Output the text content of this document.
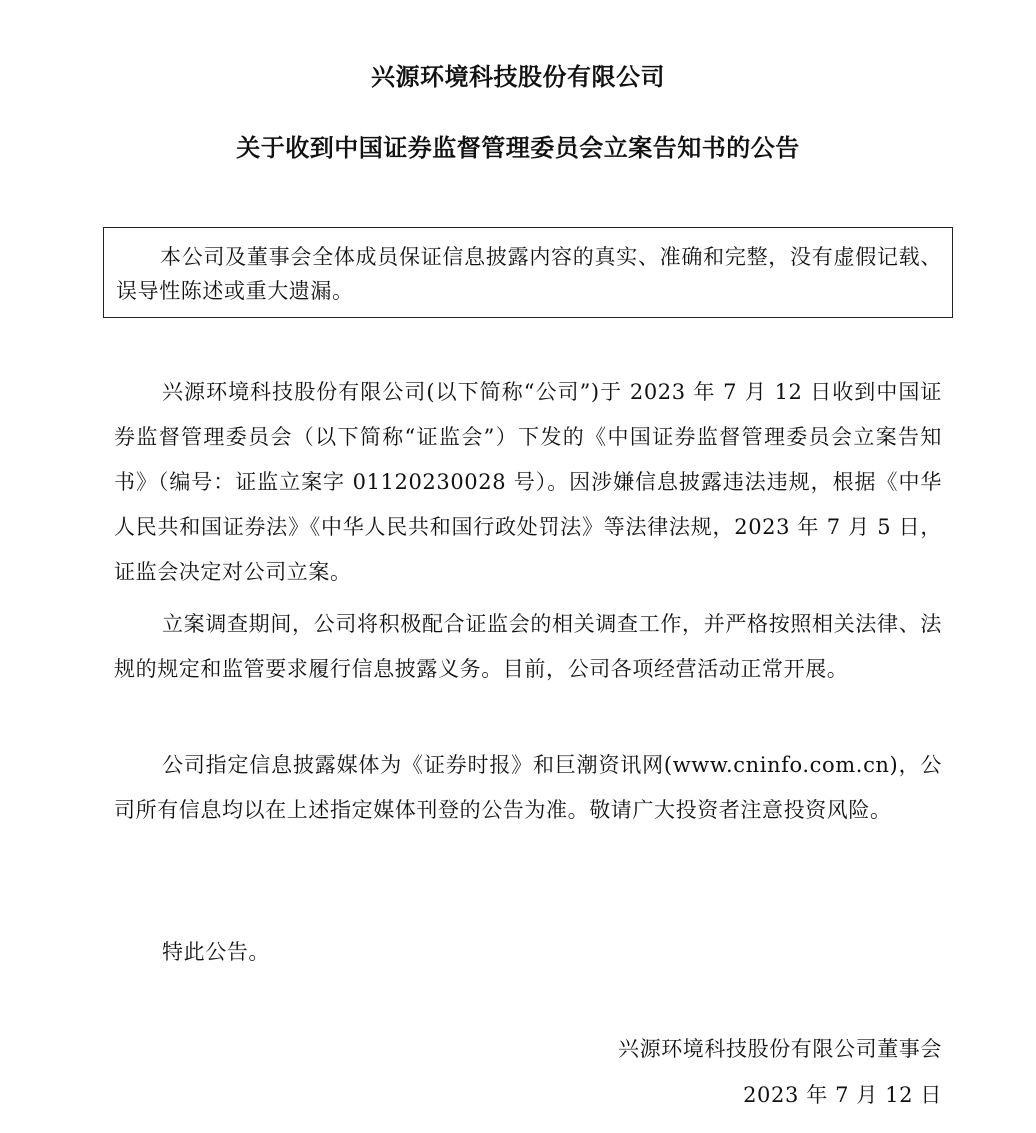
兴源环境科技股份有限公司
关于收到中国证券监督管理委员会立案告知书的公告
本公司及董事会全体成员保证信息披露内容的真实、准确和完整，没有虚假记载、误导性陈述或重大遗漏。

兴源环境科技股份有限公司(以下简称“公司”)于 2023 年 7 月 12 日收到中国证券监督管理委员会（以下简称“证监会”）下发的《中国证券监督管理委员会立案告知书》（编号：证监立案字 01120230028 号）。因涉嫌信息披露违法违规，根据《中华人民共和国证券法》《中华人民共和国行政处罚法》等法律法规，2023 年 7 月 5 日，证监会决定对公司立案。

立案调查期间，公司将积极配合证监会的相关调查工作，并严格按照相关法律、法规的规定和监管要求履行信息披露义务。目前，公司各项经营活动正常开展。

公司指定信息披露媒体为《证券时报》和巨潮资讯网(www.cninfo.com.cn)，公司所有信息均以在上述指定媒体刊登的公告为准。敬请广大投资者注意投资风险。

特此公告。

兴源环境科技股份有限公司董事会
2023 年 7 月 12 日
